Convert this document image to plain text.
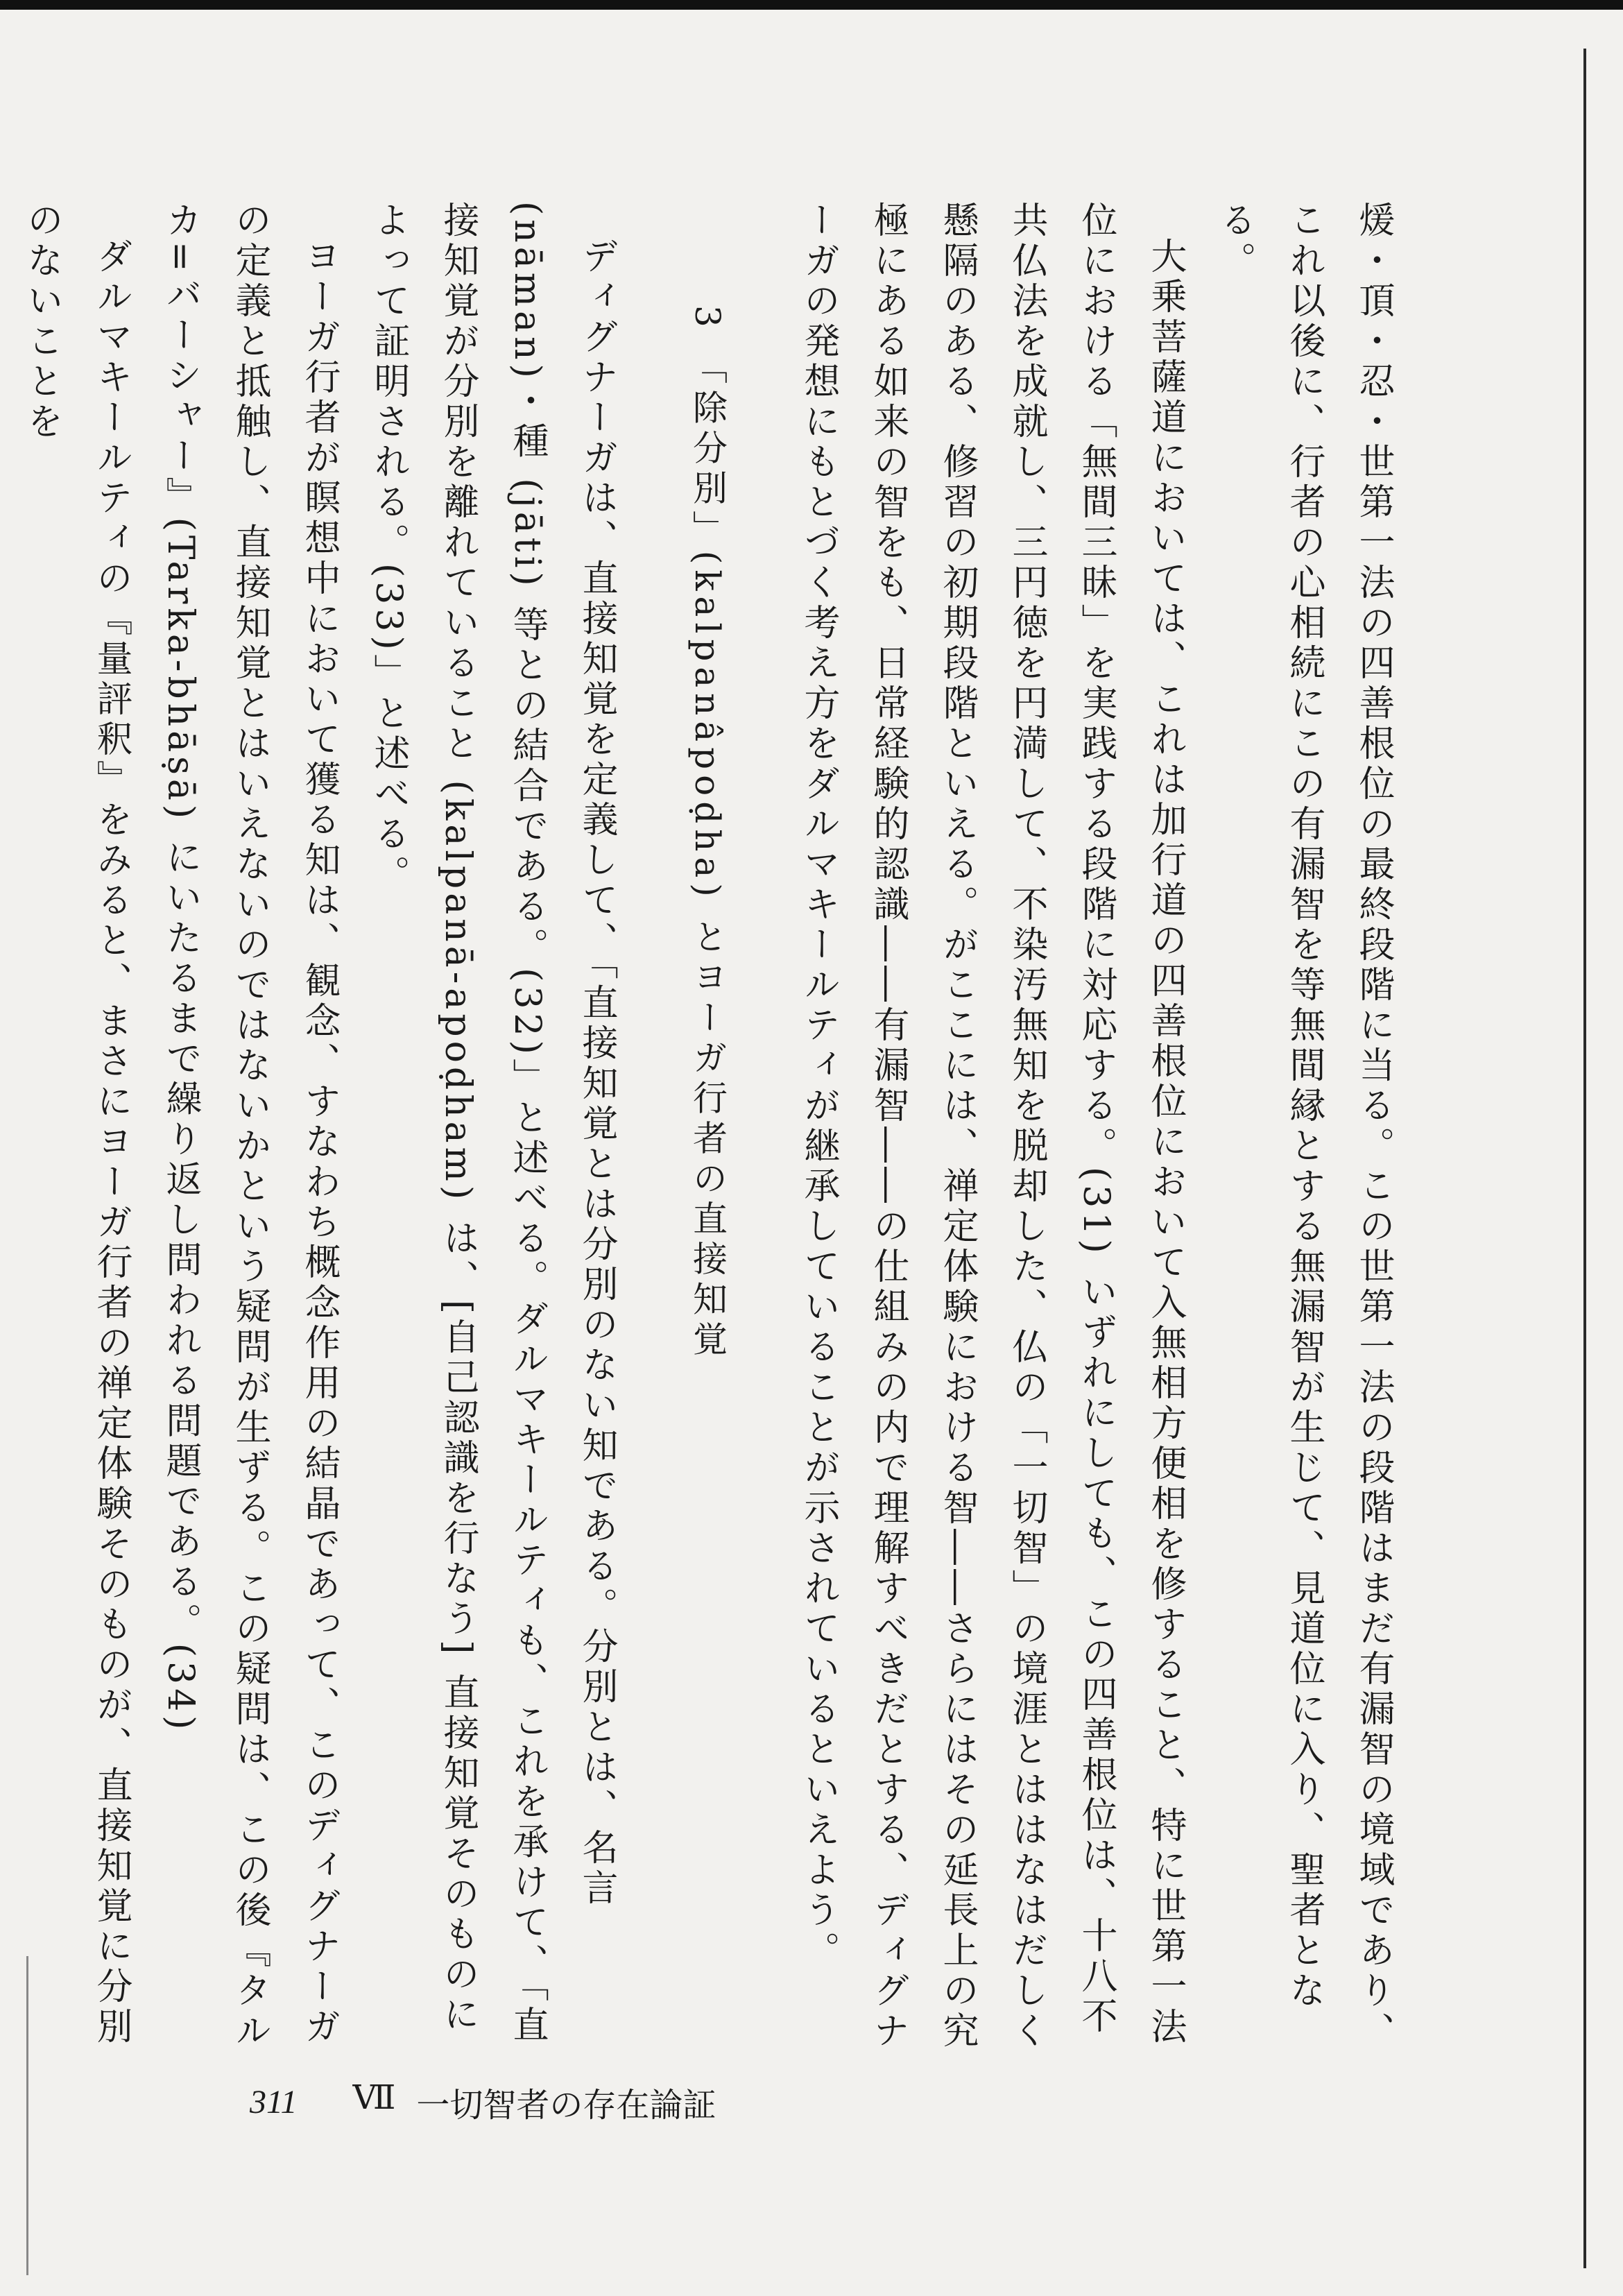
煖・頂・忍・世第一法の四善根位の最終段階に当る。この世第一法の段階はまだ有漏智の境域であり、これ以後に、行者の心相続にこの有漏智を等無間縁とする無漏智が生じて、見道位に入り、聖者となる。

大乗菩薩道においては、これは加行道の四善根位において入無相方便相を修すること、特に世第一法位における「無間三昧」を実践する段階に対応する。(31) いずれにしても、この四善根位は、十八不共仏法を成就し、三円徳を円満して、不染汚無知を脱却した、仏の「一切智」の境涯とははなはだしく懸隔のある、修習の初期段階といえる。がここには、禅定体験における智――さらにはその延長上の究極にある如来の智をも、日常経験的認識――有漏智――の仕組みの内で理解すべきだとする、ディグナーガの発想にもとづく考え方をダルマキールティが継承していることが示されているといえよう。

3 「除分別」(kalpanâpoḍha) とヨーガ行者の直接知覚

ディグナーガは、直接知覚を定義して、「直接知覚とは分別のない知である。分別とは、名言 (nāman)・種 (jāti) 等との結合である。(32)」と述べる。ダルマキールティも、これを承けて、「直接知覚が分別を離れていること (kalpanā-apoḍham) は、[自己認識を行なう] 直接知覚そのものによって証明される。(33)」と述べる。

ヨーガ行者が瞑想中において獲る知は、観念、すなわち概念作用の結晶であって、このディグナーガの定義と抵触し、直接知覚とはいえないのではないかという疑問が生ずる。この疑問は、この後『タルカ=バーシャー』(Tarka-bhāṣā) にいたるまで繰り返し問われる問題である。(34)

ダルマキールティの『量評釈』をみると、まさにヨーガ行者の禅定体験そのものが、直接知覚に分別のないことを

311 Ⅶ 一切智者の存在論証
